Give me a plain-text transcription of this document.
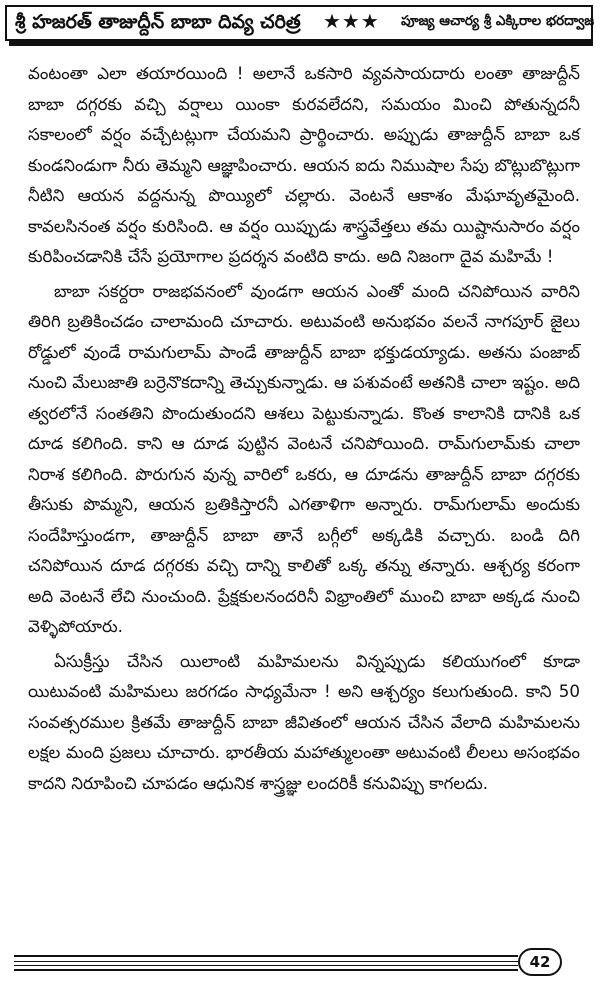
శ్రీ హజరత్ తాజుద్దీన్ బాబా దివ్య చరిత్ర ★★★ పూజ్య ఆచార్య శ్రీ ఎక్కిరాల భరద్వాజ

వంటంతా ఎలా తయారయింది ! అలానే ఒకసారి వ్యవసాయదారు లంతా తాజుద్దీన్ బాబా దగ్గరకు వచ్చి వర్షాలు యింకా కురవలేదని, సమయం మించి పోతున్నదనీ సకాలంలో వర్షం వచ్చేటట్లుగా చేయమని ప్రార్థించారు. అప్పుడు తాజుద్దీన్ బాబా ఒక కుండనిండుగా నీరు తెమ్మని ఆజ్ఞాపించారు. ఆయన ఐదు నిముషాల సేపు బొట్లుబొట్లుగా నీటిని ఆయన వద్దనున్న పొయ్యిలో చల్లారు. వెంటనే ఆకాశం మేఘావృతమైంది. కావలసినంత వర్షం కురిసింది. ఆ వర్షం యిప్పుడు శాస్త్రవేత్తలు తమ యిష్టానుసారం వర్షం కురిపించడానికి చేసే ప్రయోగాల ప్రదర్శన వంటిది కాదు. అది నిజంగా దైవ మహిమే !

బాబా సకర్దరా రాజభవనంలో వుండగా ఆయన ఎంతో మంది చనిపోయిన వారిని తిరిగి బ్రతికించడం చాలామంది చూచారు. అటువంటి అనుభవం వలనే నాగపూర్ జైలు రోడ్డులో వుండే రామగులామ్ పాండే తాజుద్దీన్ బాబా భక్తుడయ్యాడు. అతను పంజాబ్ నుంచి మేలుజాతి బర్రెనొకదాన్ని తెచ్చుకున్నాడు. ఆ పశువంటే అతనికి చాలా ఇష్టం. అది త్వరలోనే సంతతిని పొందుతుందని ఆశలు పెట్టుకున్నాడు. కొంత కాలానికి దానికి ఒక దూడ కలిగింది. కాని ఆ దూడ పుట్టిన వెంటనే చనిపోయింది. రామ్‌గులామ్‌కు చాలా నిరాశ కలిగింది. పొరుగున వున్న వారిలో ఒకరు, ఆ దూడను తాజుద్దీన్ బాబా దగ్గరకు తీసుకు పొమ్మని, ఆయన బ్రతికిస్తారనీ ఎగతాళిగా అన్నారు. రామ్‌గులామ్ అందుకు సందేహిస్తుండగా, తాజుద్దీన్ బాబా తానే బగ్గీలో అక్కడికి వచ్చారు. బండి దిగి చనిపోయిన దూడ దగ్గరకు వచ్చి దాన్ని కాలితో ఒక్క తన్ను తన్నారు. ఆశ్చర్య కరంగా అది వెంటనే లేచి నుంచుంది. ప్రేక్షకులనందరినీ విభ్రాంతిలో ముంచి బాబా అక్కడ నుంచి వెళ్ళిపోయారు.

ఏసుక్రీస్తు చేసిన యిలాంటి మహిమలను విన్నప్పుడు కలియుగంలో కూడా యిటువంటి మహిమలు జరగడం సాధ్యమేనా ! అని ఆశ్చర్యం కలుగుతుంది. కాని 50 సంవత్సరముల క్రితమే తాజుద్దీన్ బాబా జీవితంలో ఆయన చేసిన వేలాది మహిమలను లక్షల మంది ప్రజలు చూచారు. భారతీయ మహాత్ములంతా అటువంటి లీలలు అసంభవం కాదని నిరూపించి చూపడం ఆధునిక శాస్త్రజ్ఞు లందరికీ కనువిప్పు కాగలదు.

42
